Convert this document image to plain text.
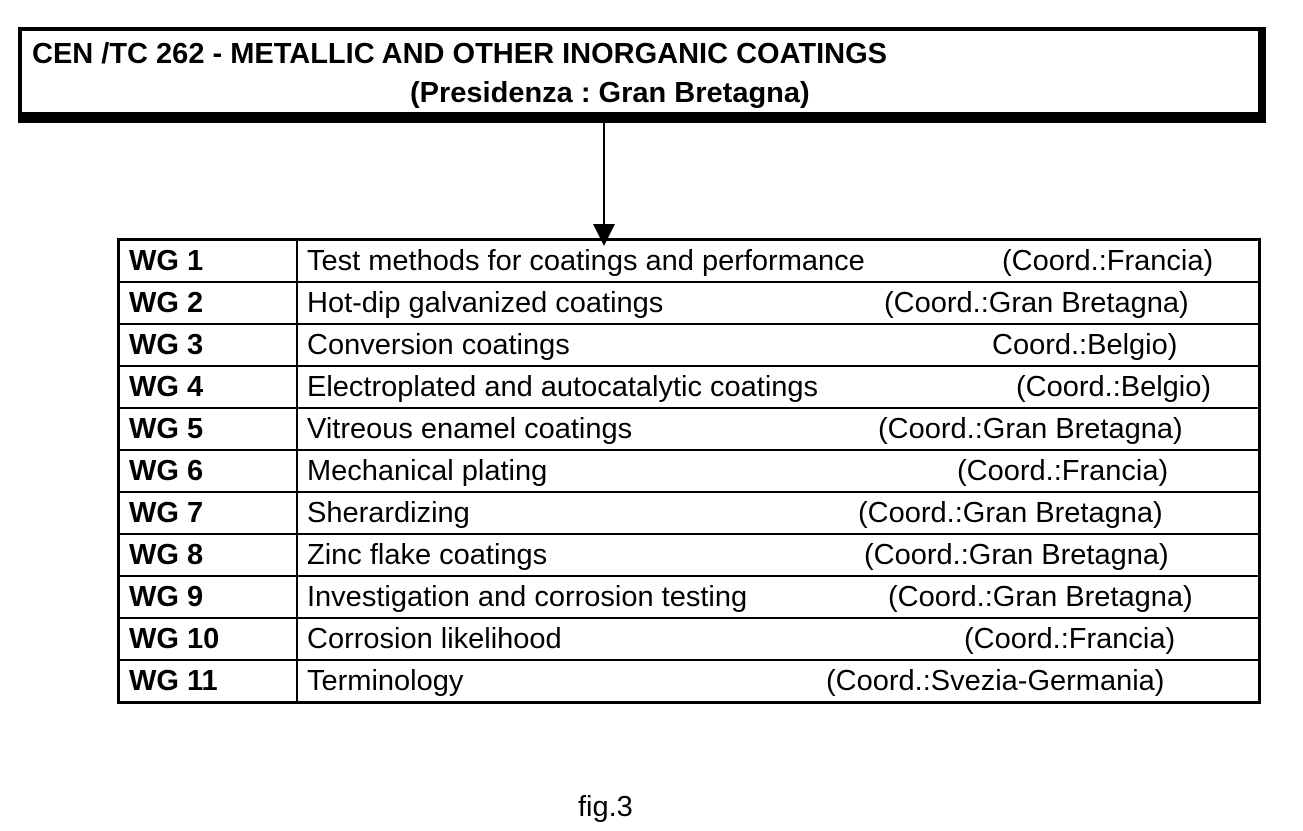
CEN /TC 262 - METALLIC AND OTHER INORGANIC COATINGS
(Presidenza : Gran Bretagna)
WG 1	Test methods for coatings and performance (Coord.:Francia)

WG 2	Hot-dip galvanized coatings (Coord.:Gran Bretagna)

WG 3	Conversion coatings Coord.:Belgio)

WG 4	Electroplated and autocatalytic coatings (Coord.:Belgio)

WG 5	Vitreous enamel coatings (Coord.:Gran Bretagna)

WG 6	Mechanical plating (Coord.:Francia)

WG 7	Sherardizing (Coord.:Gran Bretagna)

WG 8	Zinc flake coatings (Coord.:Gran Bretagna)

WG 9	Investigation and corrosion testing (Coord.:Gran Bretagna)

WG 10	Corrosion likelihood (Coord.:Francia)

WG 11	Terminology (Coord.:Svezia-Germania)
fig.3
